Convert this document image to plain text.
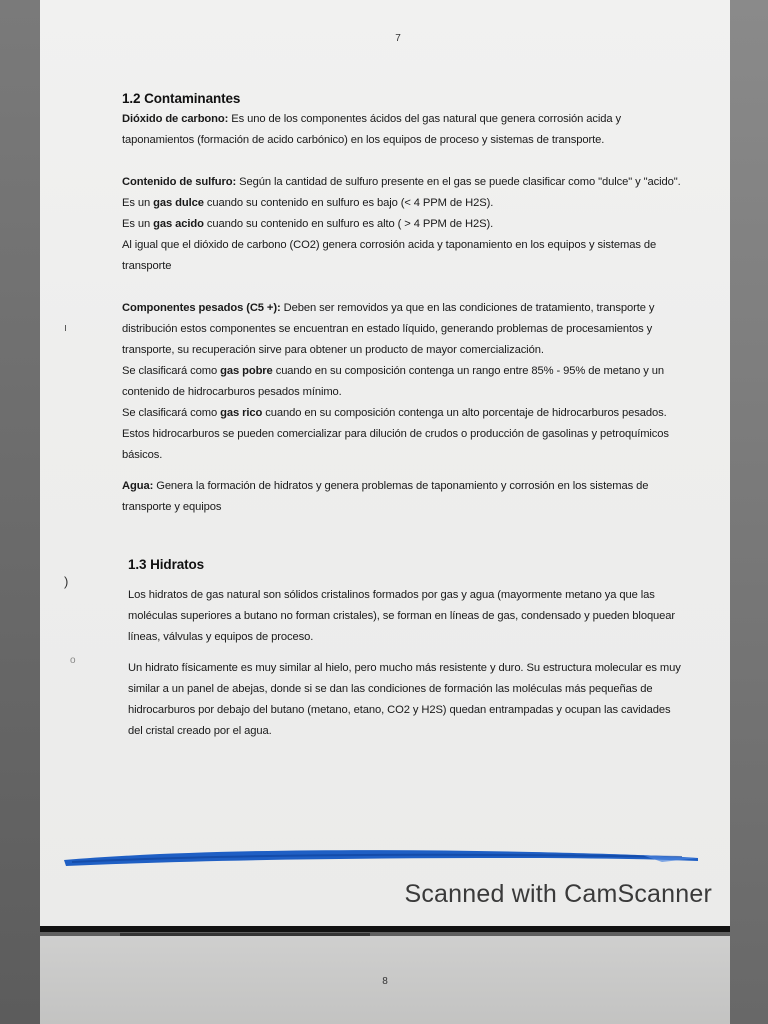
7

1.2 Contaminantes

Dióxido de carbono: Es uno de los componentes ácidos del gas natural que genera corrosión acida y taponamientos (formación de acido carbónico) en los equipos de proceso y sistemas de transporte.

Contenido de sulfuro: Según la cantidad de sulfuro presente en el gas se puede clasificar como "dulce" y "acido".

Es un gas dulce cuando su contenido en sulfuro es bajo (< 4 PPM de H2S).

Es un gas acido cuando su contenido en sulfuro es alto ( > 4 PPM de H2S).

Al igual que el dióxido de carbono (CO2) genera corrosión acida y taponamiento en los equipos y sistemas de transporte

Componentes pesados (C5 +): Deben ser removidos ya que en las condiciones de tratamiento, transporte y distribución estos componentes se encuentran en estado líquido, generando problemas de procesamientos y transporte, su recuperación sirve para obtener un producto de mayor comercialización.

Se clasificará como gas pobre cuando en su composición contenga un rango entre 85% - 95% de metano y un contenido de hidrocarburos pesados mínimo.

Se clasificará como gas rico cuando en su composición contenga un alto porcentaje de hidrocarburos pesados. Estos hidrocarburos se pueden comercializar para dilución de crudos o producción de gasolinas y petroquímicos básicos.

Agua: Genera la formación de hidratos y genera problemas de taponamiento y corrosión en los sistemas de transporte y equipos

1.3 Hidratos

Los hidratos de gas natural son sólidos cristalinos formados por gas y agua (mayormente metano ya que las moléculas superiores a butano no forman cristales), se forman en líneas de gas, condensado y pueden bloquear líneas, válvulas y equipos de proceso.

Un hidrato físicamente es muy similar al hielo, pero mucho más resistente y duro. Su estructura molecular es muy similar a un panel de abejas, donde si se dan las condiciones de formación las moléculas más pequeñas de hidrocarburos por debajo del butano (metano, etano, CO2 y H2S) quedan entrampadas y ocupan las cavidades del cristal creado por el agua.

ı
)
o
Scanned with CamScanner
8
